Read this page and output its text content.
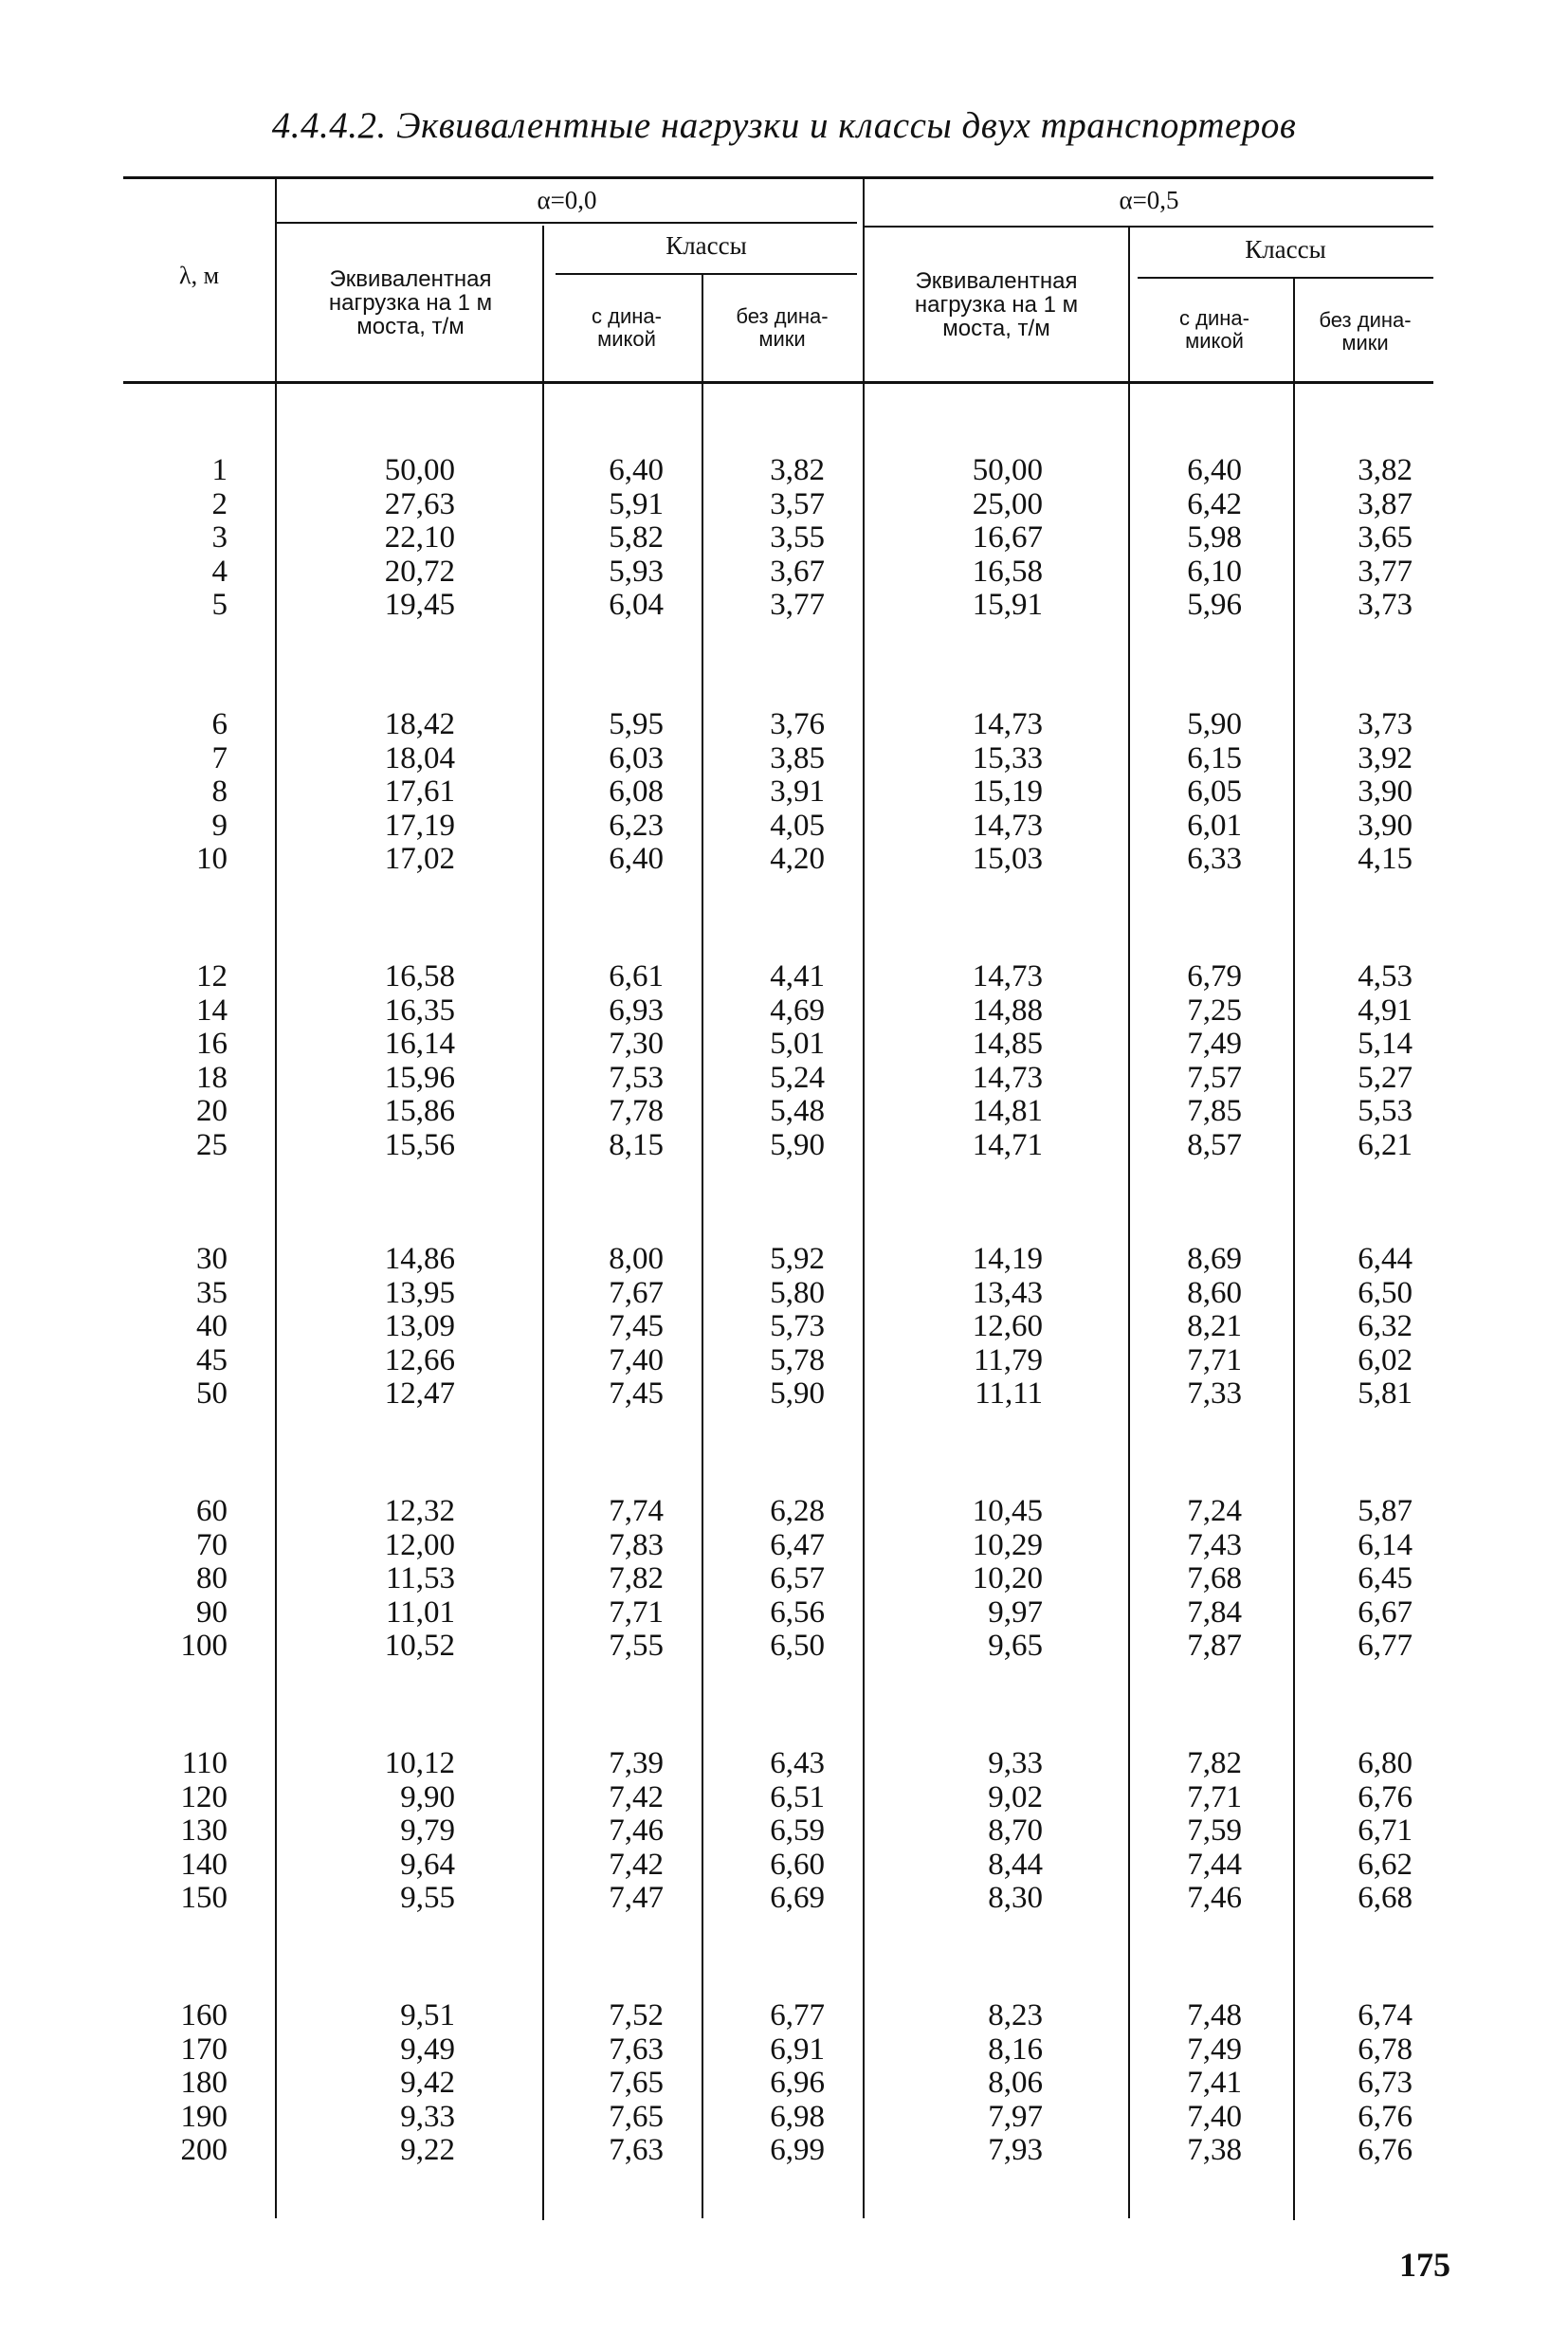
4.4.4.2. Эквивалентные нагрузки и классы двух транспортеров
λ, м
α=0,0	α=0,5
Эквивалентная
нагрузка на 1 м
моста, т/м
Классы
с дина-
микой
без дина-
мики
Эквивалентная
нагрузка на 1 м
моста, т/м
Классы
с дина-
микой
без дина-
мики
1	50,00	6,40	3,82	50,00	6,40	3,82
2	27,63	5,91	3,57	25,00	6,42	3,87
3	22,10	5,82	3,55	16,67	5,98	3,65
4	20,72	5,93	3,67	16,58	6,10	3,77
5	19,45	6,04	3,77	15,91	5,96	3,73
6	18,42	5,95	3,76	14,73	5,90	3,73
7	18,04	6,03	3,85	15,33	6,15	3,92
8	17,61	6,08	3,91	15,19	6,05	3,90
9	17,19	6,23	4,05	14,73	6,01	3,90
10	17,02	6,40	4,20	15,03	6,33	4,15
12	16,58	6,61	4,41	14,73	6,79	4,53
14	16,35	6,93	4,69	14,88	7,25	4,91
16	16,14	7,30	5,01	14,85	7,49	5,14
18	15,96	7,53	5,24	14,73	7,57	5,27
20	15,86	7,78	5,48	14,81	7,85	5,53
25	15,56	8,15	5,90	14,71	8,57	6,21
30	14,86	8,00	5,92	14,19	8,69	6,44
35	13,95	7,67	5,80	13,43	8,60	6,50
40	13,09	7,45	5,73	12,60	8,21	6,32
45	12,66	7,40	5,78	11,79	7,71	6,02
50	12,47	7,45	5,90	11,11	7,33	5,81
60	12,32	7,74	6,28	10,45	7,24	5,87
70	12,00	7,83	6,47	10,29	7,43	6,14
80	11,53	7,82	6,57	10,20	7,68	6,45
90	11,01	7,71	6,56	9,97	7,84	6,67
100	10,52	7,55	6,50	9,65	7,87	6,77
110	10,12	7,39	6,43	9,33	7,82	6,80
120	9,90	7,42	6,51	9,02	7,71	6,76
130	9,79	7,46	6,59	8,70	7,59	6,71
140	9,64	7,42	6,60	8,44	7,44	6,62
150	9,55	7,47	6,69	8,30	7,46	6,68
160	9,51	7,52	6,77	8,23	7,48	6,74
170	9,49	7,63	6,91	8,16	7,49	6,78
180	9,42	7,65	6,96	8,06	7,41	6,73
190	9,33	7,65	6,98	7,97	7,40	6,76
200	9,22	7,63	6,99	7,93	7,38	6,76
175
